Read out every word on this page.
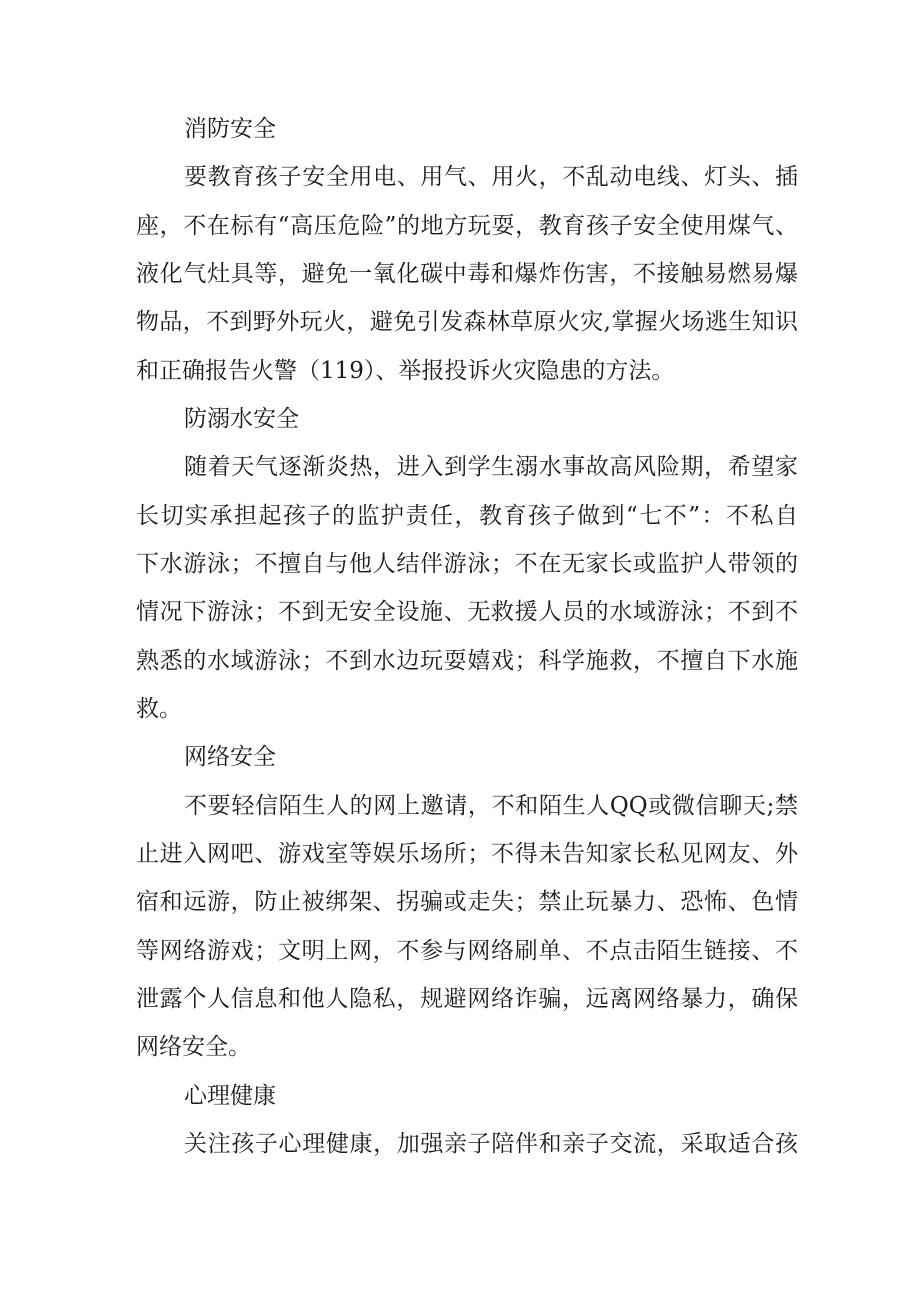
消防安全
要教育孩子安全用电、用气、用火，不乱动电线、灯头、插
座，不在标有“高压危险”的地方玩耍，教育孩子安全使用煤气、
液化气灶具等，避免一氧化碳中毒和爆炸伤害，不接触易燃易爆
物品，不到野外玩火，避免引发森林草原火灾,掌握火场逃生知识
和正确报告火警（119）、举报投诉火灾隐患的方法。
防溺水安全
随着天气逐渐炎热，进入到学生溺水事故高风险期，希望家
长切实承担起孩子的监护责任，教育孩子做到“七不”：不私自
下水游泳；不擅自与他人结伴游泳；不在无家长或监护人带领的
情况下游泳；不到无安全设施、无救援人员的水域游泳；不到不
熟悉的水域游泳；不到水边玩耍嬉戏；科学施救，不擅自下水施
救。
网络安全
不要轻信陌生人的网上邀请，不和陌生人QQ或微信聊天;禁
止进入网吧、游戏室等娱乐场所；不得未告知家长私见网友、外
宿和远游，防止被绑架、拐骗或走失；禁止玩暴力、恐怖、色情
等网络游戏；文明上网，不参与网络刷单、不点击陌生链接、不
泄露个人信息和他人隐私，规避网络诈骗，远离网络暴力，确保
网络安全。
心理健康
关注孩子心理健康，加强亲子陪伴和亲子交流，采取适合孩
